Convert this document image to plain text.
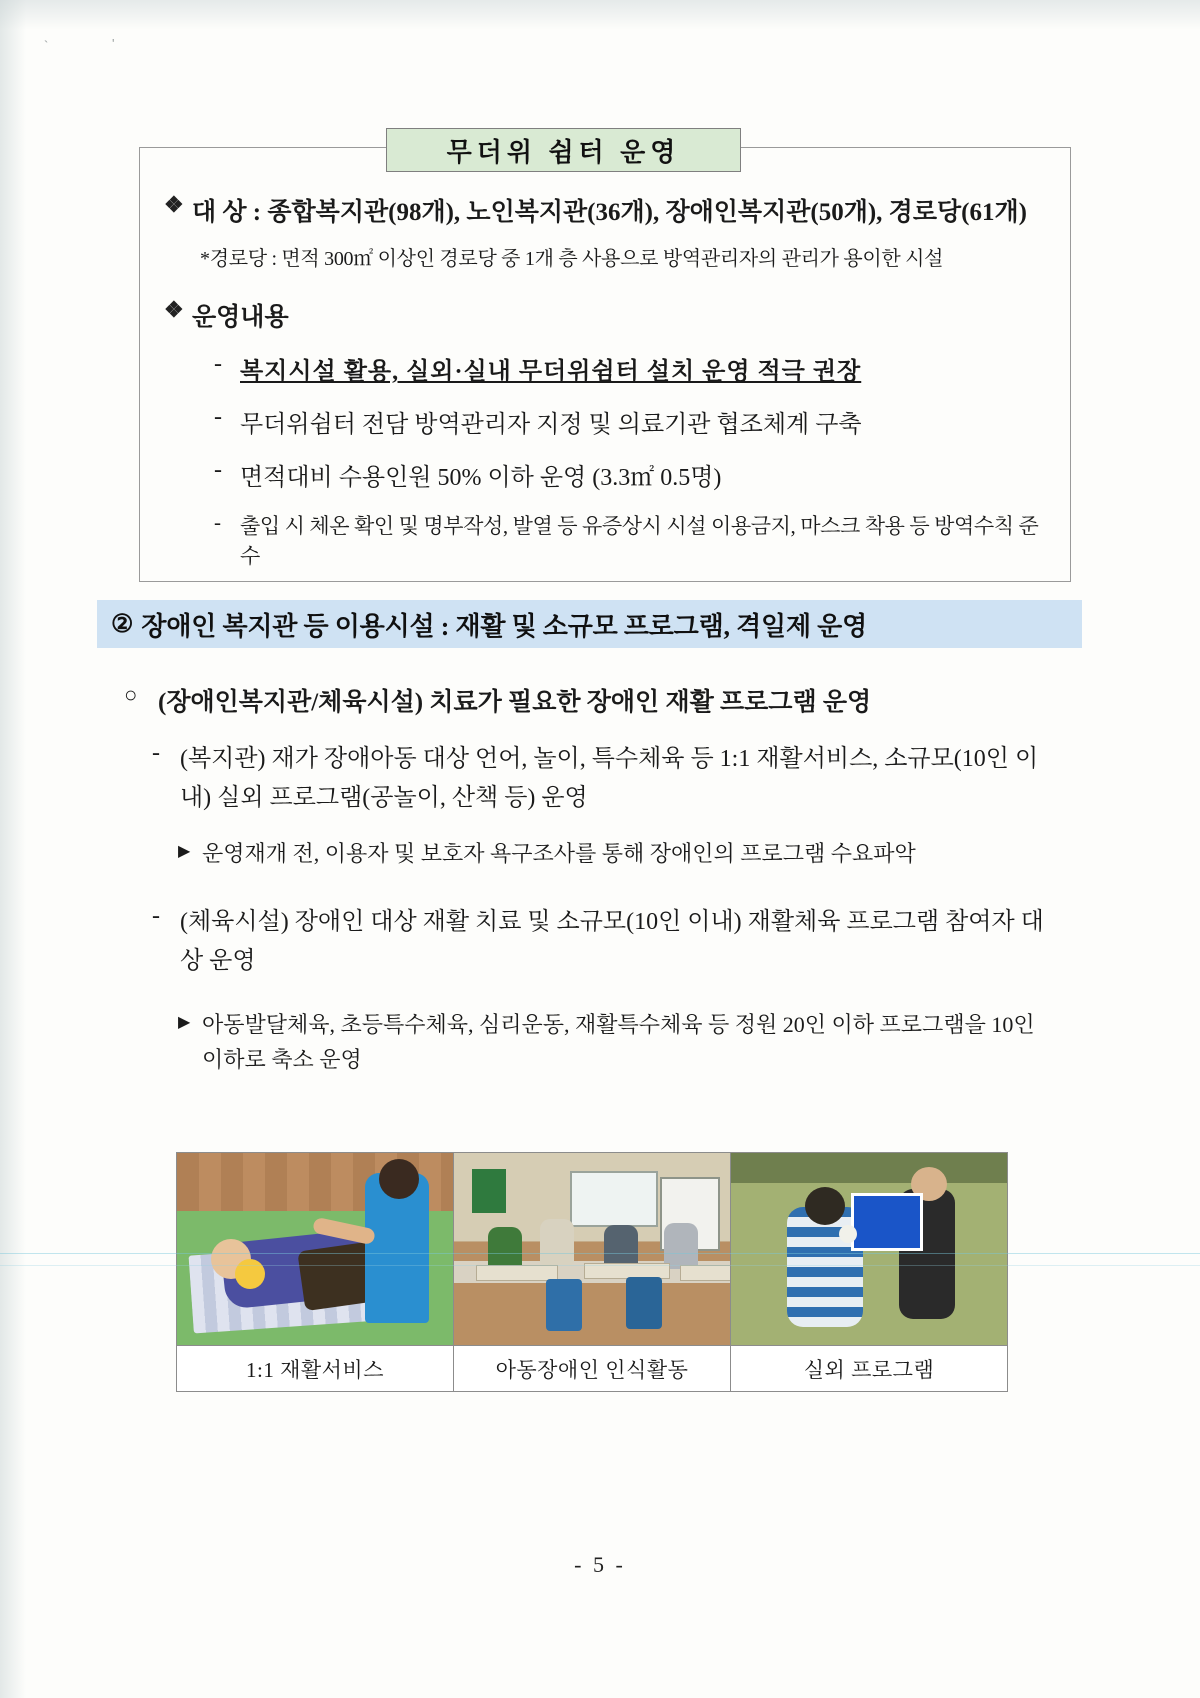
`	'
❖ 대 상 : 종합복지관(98개), 노인복지관(36개), 장애인복지관(50개), 경로당(61개)
*경로당 : 면적 300㎡ 이상인 경로당 중 1개 층 사용으로 방역관리자의 관리가 용이한 시설
❖ 운영내용
- 복지시설 활용, 실외·실내 무더위쉼터 설치 운영 적극 권장
- 무더위쉼터 전담 방역관리자 지정 및 의료기관 협조체계 구축
- 면적대비 수용인원 50% 이하 운영 (3.3㎡ 0.5명)
- 출입 시 체온 확인 및 명부작성, 발열 등 유증상시 시설 이용금지, 마스크 착용 등 방역수칙 준수
무더위 쉼터 운영
② 장애인 복지관 등 이용시설 : 재활 및 소규모 프로그램, 격일제 운영
○ (장애인복지관/체육시설) 치료가 필요한 장애인 재활 프로그램 운영
- (복지관) 재가 장애아동 대상 언어, 놀이, 특수체육 등 1:1 재활서비스, 소규모(10인 이내) 실외 프로그램(공놀이, 산책 등) 운영
▶ 운영재개 전, 이용자 및 보호자 욕구조사를 통해 장애인의 프로그램 수요파악
- (체육시설) 장애인 대상 재활 치료 및 소규모(10인 이내) 재활체육 프로그램 참여자 대상 운영
▶ 아동발달체육, 초등특수체육, 심리운동, 재활특수체육 등 정원 20인 이하 프로그램을 10인 이하로 축소 운영
1:1 재활서비스	아동장애인 인식활동	실외 프로그램
- 5 -
